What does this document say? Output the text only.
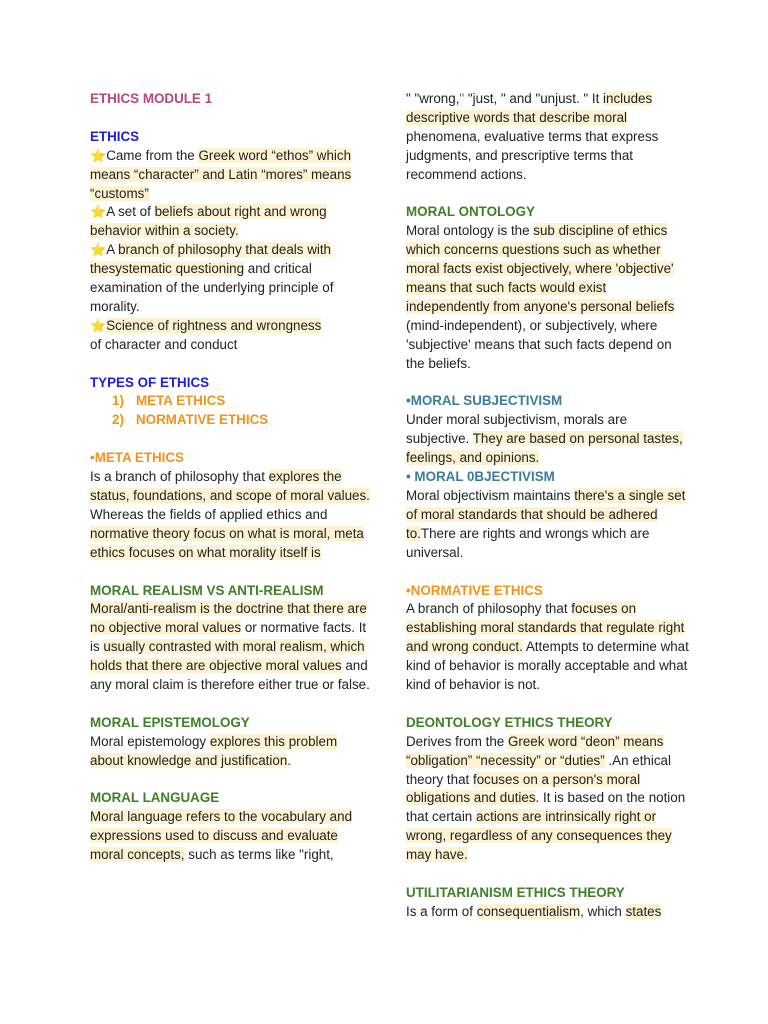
ETHICS MODULE 1

ETHICS

⭐Came from the Greek word “ethos” which means “character” and Latin “mores” means “customs”

⭐A set of beliefs about right and wrong behavior within a society.

⭐A branch of philosophy that deals with thesystematic questioning and critical examination of the underlying principle of morality.

⭐Science of rightness and wrongness
of character and conduct

TYPES OF ETHICS

1) META ETHICS
2) NORMATIVE ETHICS

•META ETHICS

Is a branch of philosophy that explores the status, foundations, and scope of moral values. Whereas the fields of applied ethics and normative theory focus on what is moral, meta ethics focuses on what morality itself is

MORAL REALISM VS ANTI-REALISM

Moral/anti-realism is the doctrine that there are no objective moral values or normative facts. It is usually contrasted with moral realism, which holds that there are objective moral values and any moral claim is therefore either true or false.

MORAL EPISTEMOLOGY

Moral epistemology explores this problem about knowledge and justification.

MORAL LANGUAGE

Moral language refers to the vocabulary and expressions used to discuss and evaluate moral concepts, such as terms like "right,

" "wrong," "just, " and "unjust. " It includes descriptive words that describe moral phenomena, evaluative terms that express judgments, and prescriptive terms that recommend actions.

MORAL ONTOLOGY

Moral ontology is the sub discipline of ethics which concerns questions such as whether moral facts exist objectively, where 'objective' means that such facts would exist independently from anyone's personal beliefs (mind-independent), or subjectively, where 'subjective' means that such facts depend on the beliefs.

•MORAL SUBJECTIVISM

Under moral subjectivism, morals are subjective. They are based on personal tastes, feelings, and opinions.

• MORAL 0BJECTIVISM

Moral objectivism maintains there's a single set of moral standards that should be adhered to.There are rights and wrongs which are universal.

•NORMATIVE ETHICS

A branch of philosophy that focuses on establishing moral standards that regulate right and wrong conduct. Attempts to determine what kind of behavior is morally acceptable and what kind of behavior is not.

DEONTOLOGY ETHICS THEORY

Derives from the Greek word “deon” means “obligation” “necessity” or “duties” .An ethical theory that focuses on a person's moral obligations and duties. It is based on the notion that certain actions are intrinsically right or wrong, regardless of any consequences they may have.

UTILITARIANISM ETHICS THEORY

Is a form of consequentialism, which states
